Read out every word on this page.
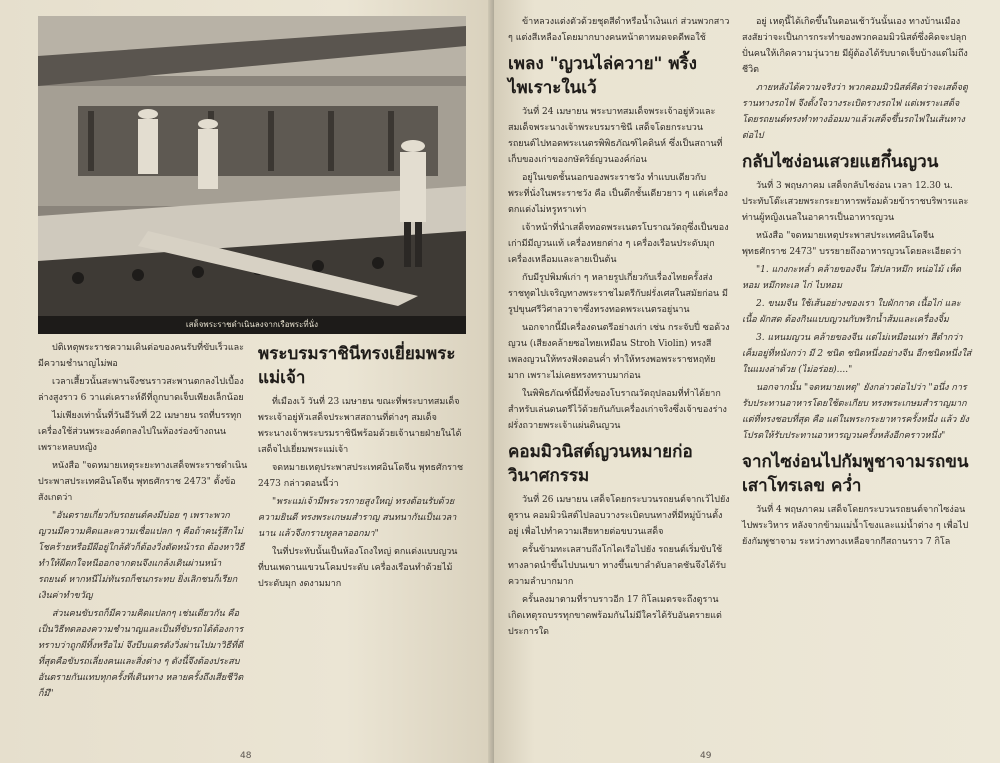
เสด็จพระราชดำเนินลงจากเรือพระที่นั่ง

ปติเหตุพระราชความเดินต่อของคนรับที่ขับเร็วและมีความชำนาญไม่พอ

เวลาเสี้ยวนั้นสะพานจึงชนราวสะพานตกลงไปเบื้องล่างสูงราว 6 วาแต่เคราะห์ดีที่ถูกบาดเจ็บเพียงเล็กน้อย

ไม่เพียงเท่านั้นที่วันอีวันที่ 22 เมษายน รถที่บรรทุกเครื่องใช้ส่วนพระองค์ตกลงไปในห้องร่องข้างถนนเพราะหลบหญิง

หนังสือ "จดหมายเหตุระยะทางเสด็จพระราชดำเนินประพาสประเทศอินโดจีน พุทธศักราช 2473" ตั้งข้อสังเกตว่า

"อันตรายเกี่ยวกับรถยนต์คงมีบ่อย ๆ เพราะพวกญวนมีความคิดและความเชื่อแปลก ๆ คือถ้าคนรู้สึกไม่โชคร้ายหรือมีผีอยู่ใกล้ตัวก็ต้องวิ่งตัดหน้ารถ ต้องหาวิธีทำให้ผีตกใจหนีออกจากตนจึงแกล้งเดินผ่านหน้ารถยนต์ หากหนีไม่ทันรถก็ชนกระทบ ยิ่งเลิกชนก็เรียกเงินค่าทำขวัญ

ส่วนคนขับรถก็มีความคิดแปลกๆ เช่นเดียวกัน คือเป็นวิธีทดลองความชำนาญและเป็นที่ขับรถได้ต้องการทราบว่าถูกผีทิ้งหรือไม่ จึงบีบแตรดังวิ่งผ่านไปมาวิธีที่ดีที่สุดคือขับรถเลี่ยงคนและสิ่งต่าง ๆ ดังนี้จึงต้องประสบอันตรายกันแทบทุกครั้งที่เดินทาง หลายครั้งถึงเสียชีวิตก็มี"

พระบรมราชินีทรงเยี่ยมพระแม่เจ้า

ที่เมืองเว้ วันที่ 23 เมษายน ขณะที่พระบาทสมเด็จพระเจ้าอยู่หัวเสด็จประพาสสถานที่ต่างๆ สมเด็จพระนางเจ้าพระบรมราชินีพร้อมด้วยเจ้านายฝ่ายในได้เสด็จไปเยี่ยมพระแม่เจ้า

จดหมายเหตุประพาสประเทศอินโดจีน พุทธศักราช 2473 กล่าวตอนนี้ว่า

"พระแม่เจ้ามีพระวรกายสูงใหญ่ ทรงต้อนรับด้วยความยินดี ทรงพระเกษมสำราญ สนทนากันเป็นเวลานาน แล้วจึงกราบทูลลาออกมา"

ในที่ประทับนั้นเป็นห้องโถงใหญ่ ตกแต่งแบบญวน ที่บนเพดานแขวนโคมประดับ เครื่องเรือนทำด้วยไม้ประดับมุก งดงามมาก

48

ข้าหลวงแต่งตัวด้วยชุดสีดำหรือน้ำเงินแก่ ส่วนพวกสาว ๆ แต่งสีเหลืองโดยมากบางคนหน้าตาหมดจดดีพอใช้

เพลง "ญวนไล่ควาย" พริ้งไพเราะในเว้

วันที่ 24 เมษายน พระบาทสมเด็จพระเจ้าอยู่หัวและสมเด็จพระนางเจ้าพระบรมราชินี เสด็จโดยกระบวนรถยนต์ไปทอดพระเนตรพิพิธภัณฑ์ไคดินห์ ซึ่งเป็นสถานที่เก็บของเก่าของกษัตริย์ญวนองค์ก่อน

อยู่ในเขตชั้นนอกของพระราชวัง ทำแบบเดียวกับพระที่นั่งในพระราชวัง คือ เป็นตึกชั้นเดียวยาว ๆ แต่เครื่องตกแต่งไม่หรูหราเท่า

เจ้าหน้าที่นำเสด็จทอดพระเนตรโบราณวัตถุซึ่งเป็นของเก่ามีมีญวนแท้ เครื่องหยกต่าง ๆ เครื่องเรือนประดับมุก เครื่องเหลือมและลายเป็นต้น

กับมีรูปพิมพ์เก่า ๆ หลายรูปเกี่ยวกับเรื่องไทยครั้งส่งราชทูตไปเจริญทางพระราชไมตรีกับฝรั่งเศสในสมัยก่อน มีรูปขุนศรีวิศาลวาจาซึ่งทรงทอดพระเนตรอยู่นาน

นอกจากนี้มีเครื่องดนตรีอย่างเก่า เช่น กระจับปี่ ซอด้วงญวน (เสียงคล้ายซอไทยเหมือน Stroh Violin) ทรงสีเพลงญวนให้ทรงฟังตอนค่ำ ทำให้ทรงพอพระราชหฤทัยมาก เพราะไม่เคยทรงทราบมาก่อน

ในพิพิธภัณฑ์นี้มีทั้งของโบราณวัตถุปลอมที่ทำได้ยากสำหรับเล่นดนตรีไว้ด้วยกันกับเครื่องเก่าจริงซึ่งเจ้าของร่างฝรั่งถวายพระเจ้าแผ่นดินญวน

คอมมิวนิสต์ญวนหมายก่อวินาศกรรม

วันที่ 26 เมษายน เสด็จโดยกระบวนรถยนต์จากเว้ไปยังตูราน คอมมิวนิสต์ไปลอบวางระเบิดบนทางที่มีหมู่บ้านตั้งอยู่ เพื่อไปทำความเสียหายต่อขบวนเสด็จ

ครั้นข้ามทะเลสาบถึงโกไดเรือไปยัง รถยนต์เริ่มขับใช้ทางลาดนำขึ้นไปบนเขา ทางขึ้นเขาลำดับลาดชันจึงได้รับความลำบากมาก

ครั้นลงมาตามที่ราบราวอีก 17 กิโลเมตรจะถึงตูรานเกิดเหตุรถบรรทุกขาดพร้อมกันไม่มีใครได้รับอันตรายแต่ประการใด

อยู่ เหตุนี้ได้เกิดขึ้นในตอนเช้าวันนั้นเอง ทางบ้านเมืองสงสัยว่าจะเป็นการกระทำของพวกคอมมิวนิสต์ซึ่งคิดจะปลุกปั่นคนให้เกิดความวุ่นวาย มีผู้ต้องได้รับบาดเจ็บบ้างแต่ไม่ถึงชีวิต

ภายหลังได้ความจริงว่า พวกคอมมิวนิสต์คิดว่าจะเสด็จตูรานทางรถไฟ จึงตั้งใจวางระเบิดรางรถไฟ แต่เพราะเสด็จโดยรถยนต์ทรงทำทางอ้อมมาแล้วเสด็จขึ้นรถไฟในเส้นทางต่อไป

กลับไซง่อนเสวยแฮกึ๋นญวน

วันที่ 3 พฤษภาคม เสด็จกลับไซง่อน เวลา 12.30 น. ประทับโต๊ะเสวยพระกระยาหารพร้อมด้วยข้าราชบริพารและท่านผู้หญิงเนลในอาคารเป็นอาหารญวน

หนังสือ "จดหมายเหตุประพาสประเทศอินโดจีน พุทธศักราช 2473" บรรยายถึงอาหารญวนโดยละเอียดว่า

"1. แกงกะหล่ำ คล้ายของจีน ใส่ปลาหมึก หน่อไม้ เห็ดหอม หมึกทะเล ไก่ ไบหอม

2. ขนมจีน ใช้เส้นอย่างของเรา ใบผักกาด เนื้อไก่ และเนื้อ ผักสด ต้องกินแบบญวนกับพริกน้ำส้มและเครื่องจิ้ม

3. แหนมญวน คล้ายของจีน แต่ไม่เหมือนเท่า สีดำกว่า เค็มอยู่ที่หนังกว่า มี 2 ชนิด ชนิดหนึ่งอย่างจีน อีกชนิดหนึ่งใส่ในแมงล่าด้วย (ไม่อร่อย)...."

นอกจากนั้น "จดหมายเหตุ" ยังกล่าวต่อไปว่า "อนึ่ง การรับประทานอาหารโดยใช้ตะเกียบ ทรงพระเกษมสำราญมาก แต่ที่ทรงชอบที่สุด คือ แต่ในพระกระยาหารครั้งหนึ่ง แล้ว ยังโปรดให้รับประทานอาหารญวนครั้งหลังอีกคราวหนึ่ง"

จากไซง่อนไปกัมพูชาจามรถขนเสาโทรเลข คว่ำ

วันที่ 4 พฤษภาคม เสด็จโดยกระบวนรถยนต์จากไซง่อนไปพระวิหาร หลังจากข้ามแม่น้ำโขงและแม่น้ำต่าง ๆ เพื่อไปยังกัมพูชาจาม ระหว่างทางเหลือจากกีสถานราว 7 กิโล

49
